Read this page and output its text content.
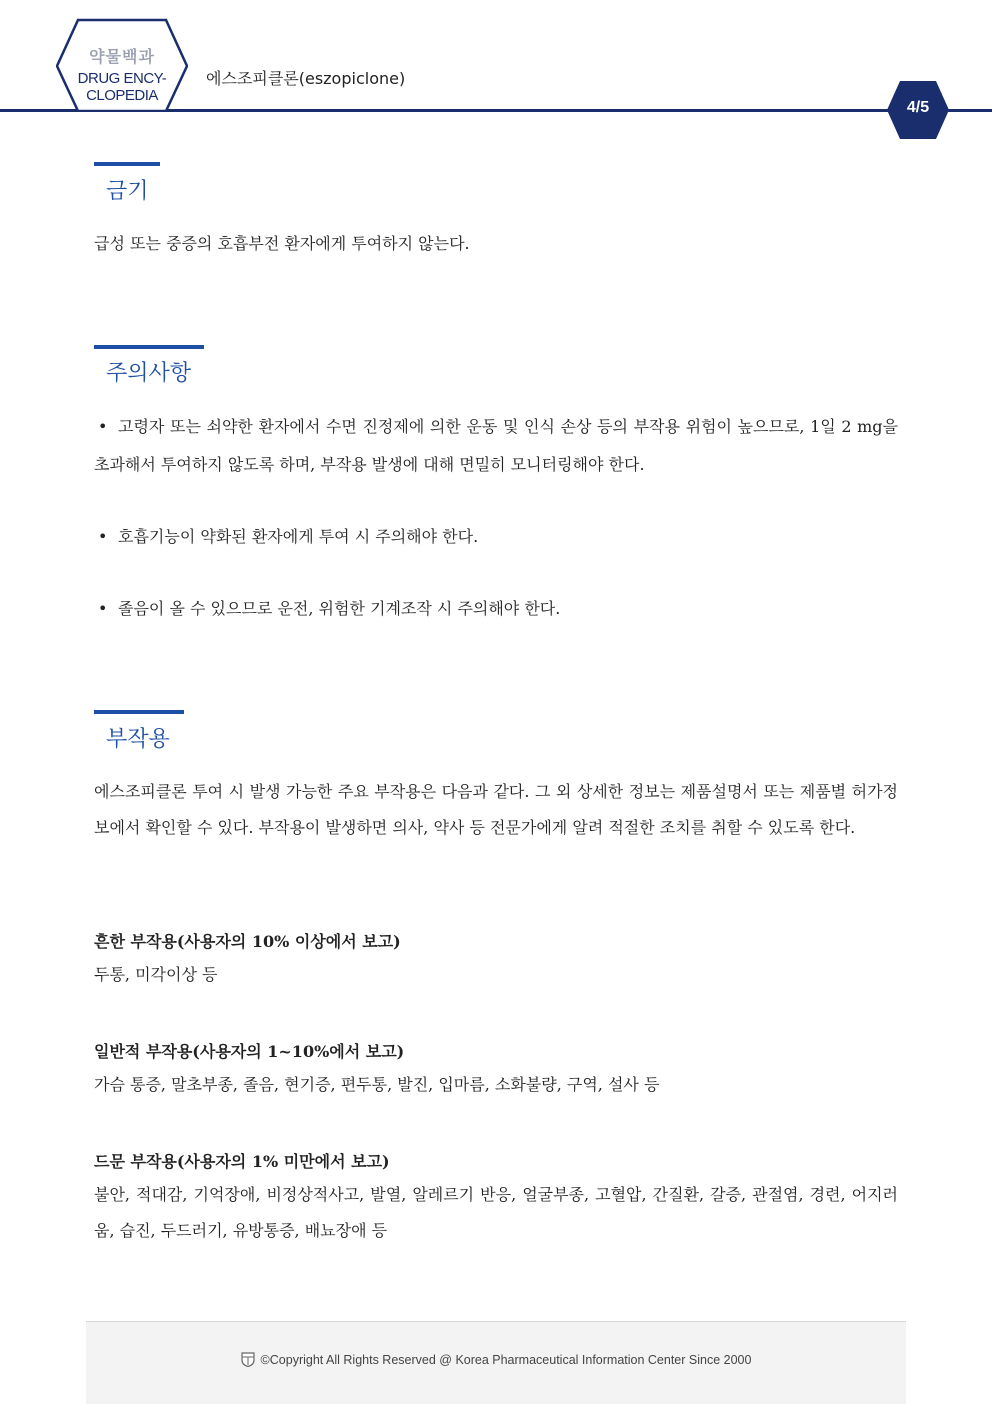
약물백과
DRUG ENCY-
CLOPEDIA
에스조피클론(eszopiclone)
4/5
금기
급성 또는 중증의 호흡부전 환자에게 투여하지 않는다.
주의사항
• 고령자 또는 쇠약한 환자에서 수면 진정제에 의한 운동 및 인식 손상 등의 부작용 위험이 높으므로, 1일 2 mg을 초과해서 투여하지 않도록 하며, 부작용 발생에 대해 면밀히 모니터링해야 한다.
• 호흡기능이 약화된 환자에게 투여 시 주의해야 한다.
• 졸음이 올 수 있으므로 운전, 위험한 기계조작 시 주의해야 한다.
부작용
에스조피클론 투여 시 발생 가능한 주요 부작용은 다음과 같다. 그 외 상세한 정보는 제품설명서 또는 제품별 허가정보에서 확인할 수 있다. 부작용이 발생하면 의사, 약사 등 전문가에게 알려 적절한 조치를 취할 수 있도록 한다.
흔한 부작용(사용자의 10% 이상에서 보고)
두통, 미각이상 등
일반적 부작용(사용자의 1~10%에서 보고)
가슴 통증, 말초부종, 졸음, 현기증, 편두통, 발진, 입마름, 소화불량, 구역, 설사 등
드문 부작용(사용자의 1% 미만에서 보고)
불안, 적대감, 기억장애, 비정상적사고, 발열, 알레르기 반응, 얼굴부종, 고혈압, 간질환, 갈증, 관절염, 경련, 어지러움, 습진, 두드러기, 유방통증, 배뇨장애 등
©Copyright All Rights Reserved @ Korea Pharmaceutical Information Center Since 2000
